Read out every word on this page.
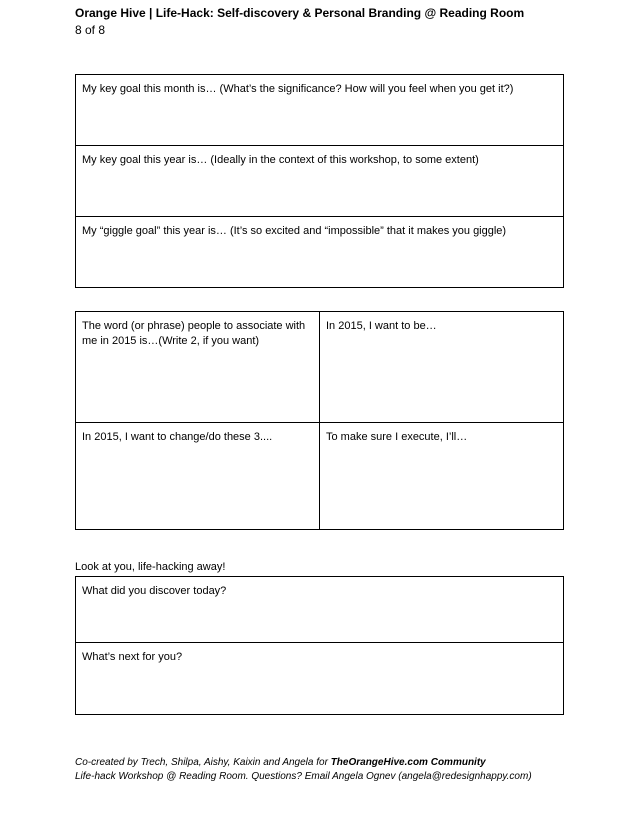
Orange Hive | Life-Hack: Self-discovery & Personal Branding @ Reading Room
8 of 8
My key goal this month is… (What’s the significance? How will you feel when you get it?)
My key goal this year is… (Ideally in the context of this workshop, to some extent)
My “giggle goal” this year is… (It’s so excited and “impossible” that it makes you giggle)
The word (or phrase) people to associate with me in 2015 is…(Write 2, if you want)	In 2015, I want to be…
In 2015, I want to change/do these 3....	To make sure I execute, I’ll…
Look at you, life-hacking away!
What did you discover today?
What’s next for you?
Co-created by Trech, Shilpa, Aishy, Kaixin and Angela for TheOrangeHive.com Community
Life-hack Workshop @ Reading Room. Questions? Email Angela Ognev (angela@redesignhappy.com)
